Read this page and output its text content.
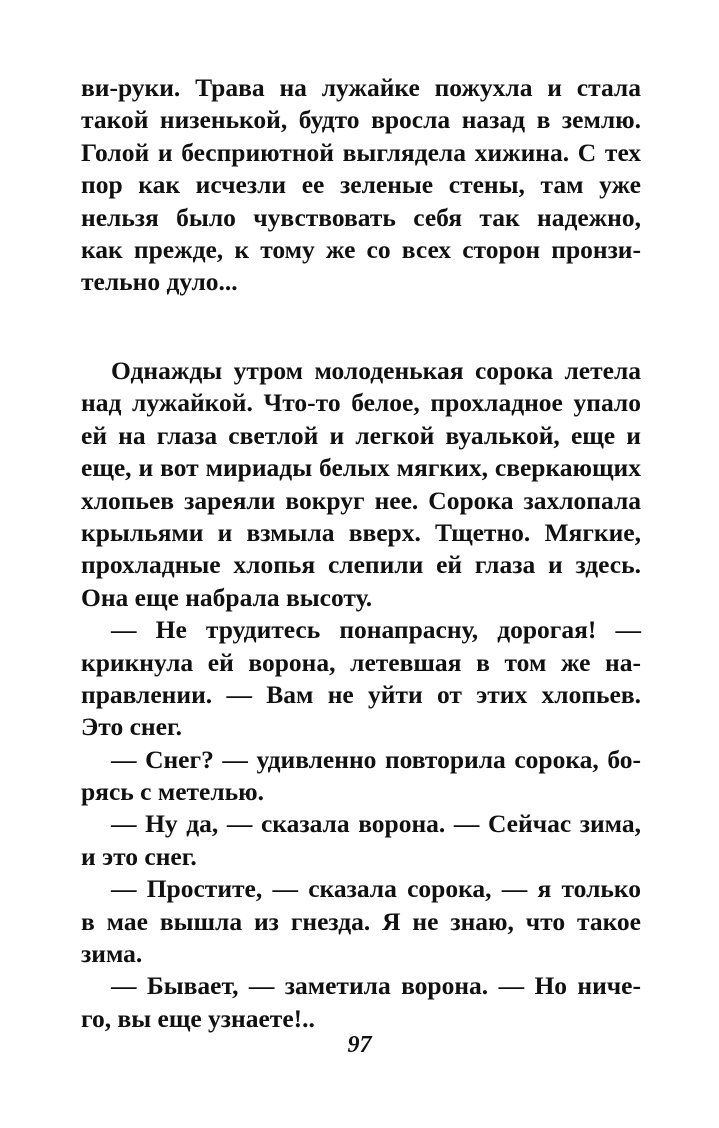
ви-руки. Трава на лужайке пожухла и стала
такой низенькой, будто вросла назад в землю.
Голой и бесприютной выглядела хижина. С тех
пор как исчезли ее зеленые стены, там уже
нельзя было чувствовать себя так надежно,
как прежде, к тому же со всех сторон пронзи-
тельно дуло...
Однажды утром молоденькая сорока летела
над лужайкой. Что-то белое, прохладное упало
ей на глаза светлой и легкой вуалькой, еще и
еще, и вот мириады белых мягких, сверкающих
хлопьев зареяли вокруг нее. Сорока захлопала
крыльями и взмыла вверх. Тщетно. Мягкие,
прохладные хлопья слепили ей глаза и здесь.
Она еще набрала высоту.
— Не трудитесь понапрасну, дорогая! —
крикнула ей ворона, летевшая в том же на-
правлении. — Вам не уйти от этих хлопьев.
Это снег.
— Снег? — удивленно повторила сорока, бо-
рясь с метелью.
— Ну да, — сказала ворона. — Сейчас зима,
и это снег.
— Простите, — сказала сорока, — я только
в мае вышла из гнезда. Я не знаю, что такое
зима.
— Бывает, — заметила ворона. — Но ниче-
го, вы еще узнаете!..
97
